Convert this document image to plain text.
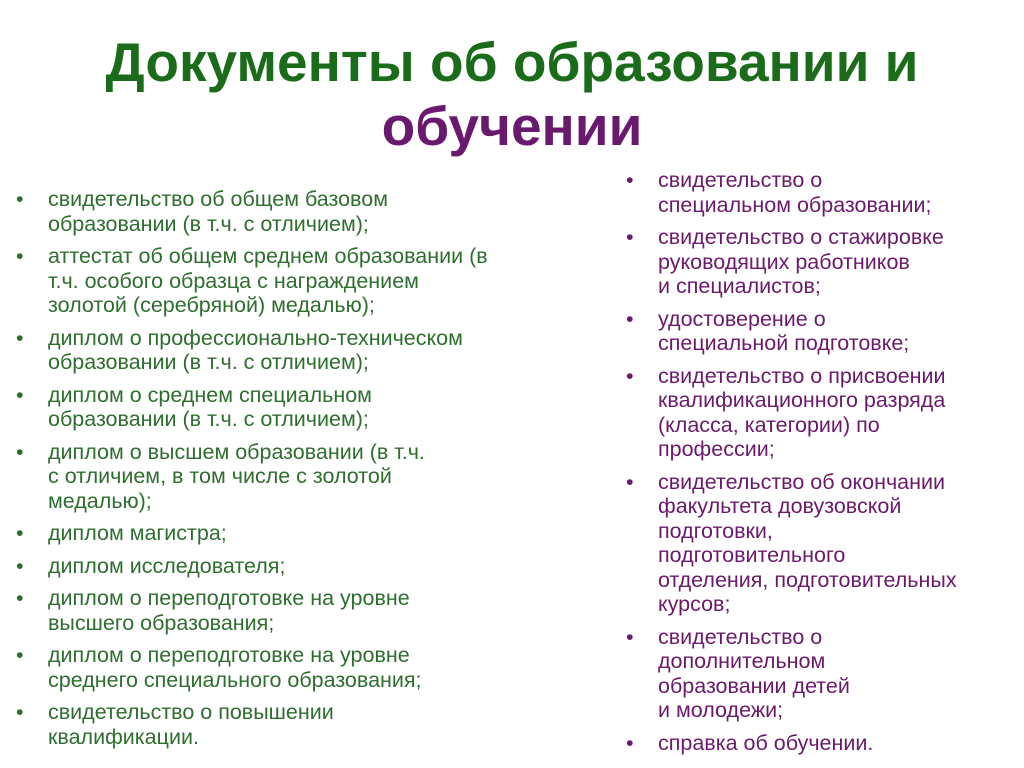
Документы об образовании и
обучении
• свидетельство об общем базовом
образовании (в т.ч. с отличием);
• аттестат об общем среднем образовании (в
т.ч. особого образца с награждением
золотой (серебряной) медалью);
• диплом о профессионально-техническом
образовании (в т.ч. с отличием);
• диплом о среднем специальном
образовании (в т.ч. с отличием);
• диплом о высшем образовании (в т.ч.
с отличием, в том числе с золотой
медалью);
• диплом магистра;
• диплом исследователя;
• диплом о переподготовке на уровне
высшего образования;
• диплом о переподготовке на уровне
среднего специального образования;
• свидетельство о повышении
квалификации.
• свидетельство о
специальном образовании;
• свидетельство о стажировке
руководящих работников
и специалистов;
• удостоверение о
специальной подготовке;
• свидетельство о присвоении
квалификационного разряда
(класса, категории) по
профессии;
• свидетельство об окончании
факультета довузовской
подготовки,
подготовительного
отделения, подготовительных
курсов;
• свидетельство о
дополнительном
образовании детей
и молодежи;
• справка об обучении.
